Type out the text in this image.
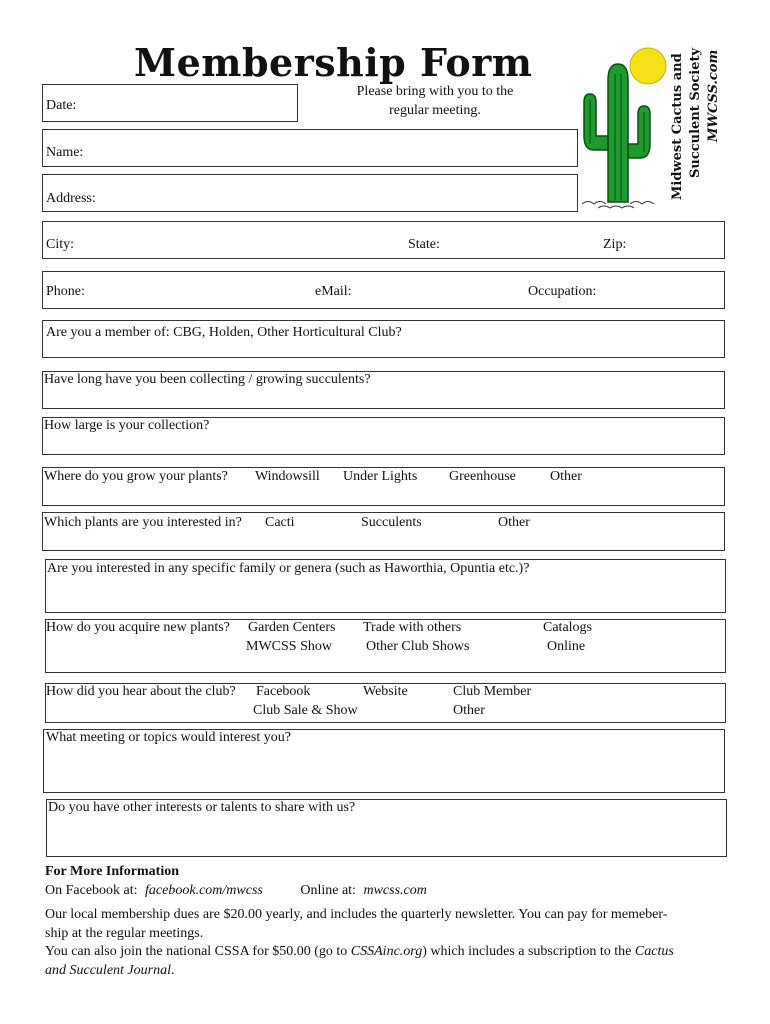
Membership Form
Please bring with you to the
regular meeting.	Midwest Cactus and Succulent Society MWCSS.com
Date:
Name:
Address:
City:	State:	Zip:
Phone:	eMail:	Occupation:
Are you a member of: CBG, Holden, Other Horticultural Club?
Have long have you been collecting / growing succulents?
How large is your collection?
Where do you grow your plants? Windowsill Under Lights Greenhouse Other
Which plants are you interested in? Cacti	Succulents	Other
Are you interested in any specific family or genera (such as Haworthia, Opuntia etc.)?
How do you acquire new plants? Garden Centers Trade with others	Catalogs
MWCSS Show Other Club Shows	Online
How did you hear about the club? Facebook	Website	Club Member
Club Sale & Show	Other
What meeting or topics would interest you?
Do you have other interests or talents to share with us?
For More Information
On Facebook at: facebook.com/mwcss	Online at: mwcss.com
Our local membership dues are $20.00 yearly, and includes the quarterly newsletter. You can pay for memeber-
ship at the regular meetings.
You can also join the national CSSA for $50.00 (go to CSSAinc.org) which includes a subscription to the Cactus
and Succulent Journal.
